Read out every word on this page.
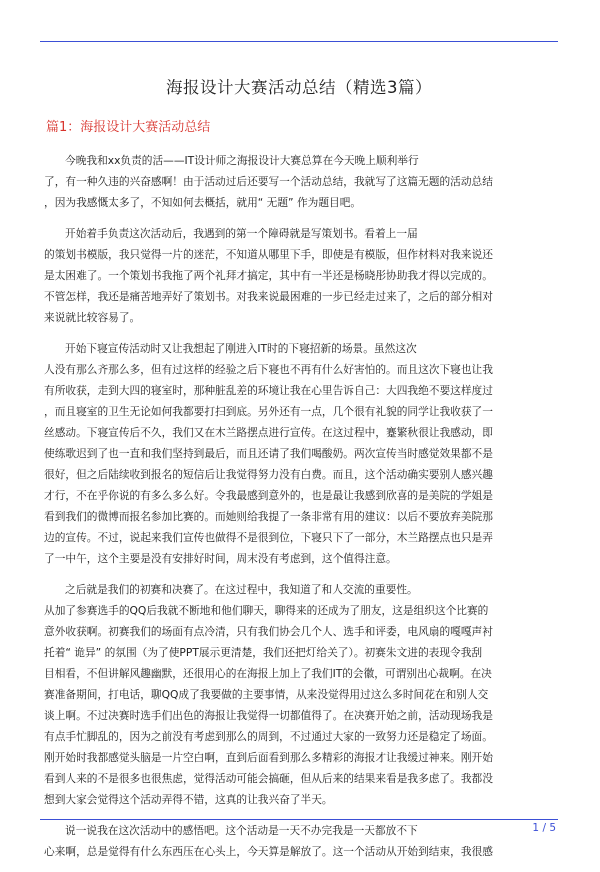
海报设计大赛活动总结（精选3篇）
篇1：海报设计大赛活动总结

今晚我和xx负责的活——IT设计师之海报设计大赛总算在今天晚上顺利举行
了，有一种久违的兴奋感啊！由于活动过后还要写一个活动总结，我就写了这篇无题的活动总结
，因为我感慨太多了，不知如何去概括，就用“ 无题” 作为题目吧。

开始着手负责这次活动后，我遇到的第一个障碍就是写策划书。看着上一届
的策划书模版，我只觉得一片的迷茫，不知道从哪里下手，即使是有模版，但作材料对我来说还
是太困难了。一个策划书我拖了两个礼拜才搞定，其中有一半还是杨晓彤协助我才得以完成的。
不管怎样，我还是痛苦地弄好了策划书。对我来说最困难的一步已经走过来了，之后的部分相对
来说就比较容易了。

开始下寝宣传活动时又让我想起了刚进入IT时的下寝招新的场景。虽然这次
人没有那么齐那么多，但有过这样的经验之后下寝也不再有什么好害怕的。而且这次下寝也让我
有所收获，走到大四的寝室时，那种脏乱差的环境让我在心里告诉自己：大四我绝不要这样度过
，而且寝室的卫生无论如何我都要打扫到底。另外还有一点，几个很有礼貌的同学让我收获了一
丝感动。下寝宣传后不久，我们又在木兰路摆点进行宣传。在这过程中，蹇繁秋很让我感动，即
使练歌迟到了也一直和我们坚持到最后，而且还请了我们喝酸奶。两次宣传当时感觉效果都不是
很好，但之后陆续收到报名的短信后让我觉得努力没有白费。而且，这个活动确实要别人感兴趣
才行，不在乎你说的有多么多么好。令我最感到意外的，也是最让我感到欣喜的是美院的学姐是
看到我们的微博而报名参加比赛的。而她则给我提了一条非常有用的建议：以后不要放弃美院那
边的宣传。不过，说起来我们宣传也做得不是很到位，下寝只下了一部分，木兰路摆点也只是弄
了一中午，这个主要是没有安排好时间，周末没有考虑到，这个值得注意。

之后就是我们的初赛和决赛了。在这过程中，我知道了和人交流的重要性。
从加了参赛选手的QQ后我就不断地和他们聊天，聊得来的还成为了朋友，这是组织这个比赛的
意外收获啊。初赛我们的场面有点冷清，只有我们协会几个人、选手和评委，电风扇的嘎嘎声衬
托着“ 诡异” 的氛围（为了使PPT展示更清楚，我们还把灯给关了）。初赛朱文进的表现令我刮
目相看，不但讲解风趣幽默，还很用心的在海报上加上了我们IT的会徽，可谓别出心裁啊。在决
赛准备期间，打电话，聊QQ成了我要做的主要事情，从来没觉得用过这么多时间花在和别人交
谈上啊。不过决赛时选手们出色的海报让我觉得一切都值得了。在决赛开始之前，活动现场我是
有点手忙脚乱的，因为之前没有考虑到那么的周到，不过通过大家的一致努力还是稳定了场面。
刚开始时我都感觉头脑是一片空白啊，直到后面看到那么多精彩的海报才让我缓过神来。刚开始
看到人来的不是很多也很焦虑，觉得活动可能会搞砸，但从后来的结果来看是我多虑了。我都没
想到大家会觉得这个活动弄得不错，这真的让我兴奋了半天。

说一说我在这次活动中的感悟吧。这个活动是一天不办完我是一天都放不下
心来啊，总是觉得有什么东西压在心头上，今天算是解放了。这一个活动从开始到结束，我很感

1 / 5
